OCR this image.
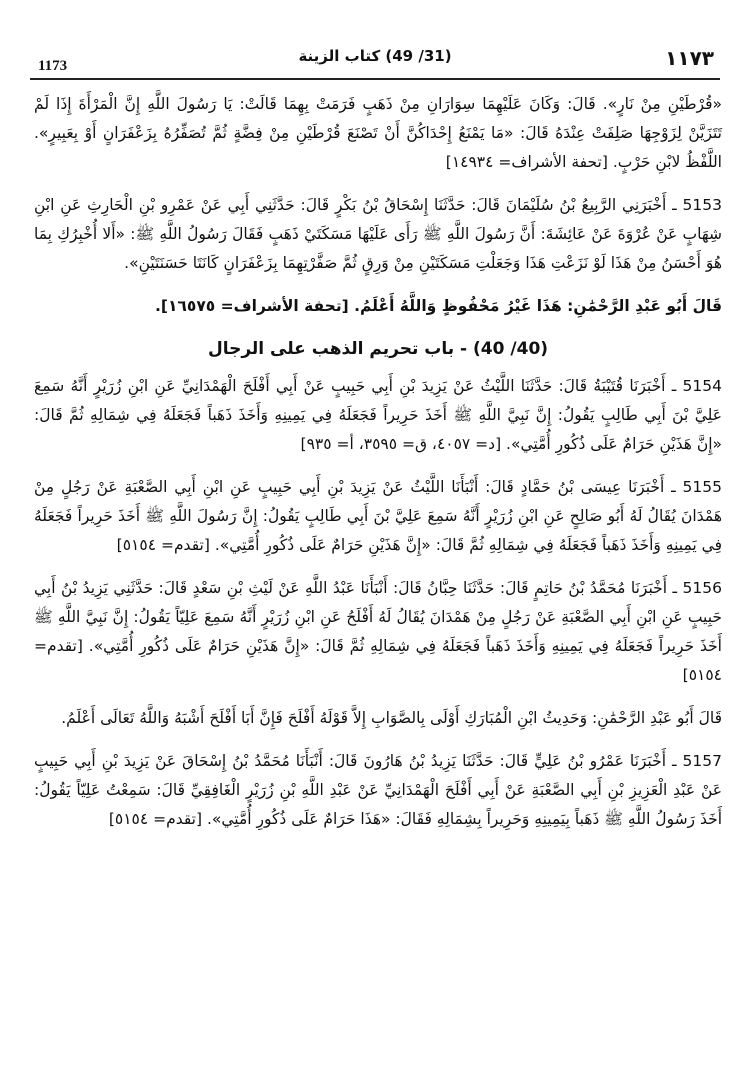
1173
(31/ 49) كتاب الزينة	١١٧٣

«قُرْطَيْنِ مِنْ نَارٍ». قَالَ: وَكَانَ عَلَيْهِمَا سِوَارَانِ مِنْ ذَهَبٍ فَرَمَتْ بِهِمَا قَالَتْ: يَا رَسُولَ اللَّهِ إِنَّ الْمَرْأَةَ إِذَا لَمْ تَتَزَيَّنْ لِزَوْجِهَا صَلِفَتْ عِنْدَهُ قَالَ: «مَا يَمْنَعُ إِحْدَاكُنَّ أَنْ تَصْنَعَ قُرْطَيْنِ مِنْ فِضَّةٍ ثُمَّ تُصَفِّرُهُ بِزَعْفَرَانٍ أَوْ بِعَبِيرٍ». اللَّفْظُ لابْنِ حَرْبٍ. [تحفة الأشراف= ١٤٩٣٤]

5153 ـ أَخْبَرَنِي الرَّبِيعُ بْنُ سُلَيْمَانَ قَالَ: حَدَّثَنَا إِسْحَاقُ بْنُ بَكْرٍ قَالَ: حَدَّثَنِي أَبِي عَنْ عَمْرِو بْنِ الْحَارِثِ عَنِ ابْنِ شِهَابٍ عَنْ عُرْوَةَ عَنْ عَائِشَةَ: أَنَّ رَسُولَ اللَّهِ ﷺ رَأَى عَلَيْهَا مَسَكَتَيْ ذَهَبٍ فَقَالَ رَسُولُ اللَّهِ ﷺ: «أَلا أُخْبِرُكِ بِمَا هُوَ أَحْسَنُ مِنْ هَذَا لَوْ نَزَعْتِ هَذَا وَجَعَلْتِ مَسَكَتَيْنِ مِنْ وَرِقٍ ثُمَّ صَفَّرْتِهِمَا بِزَعْفَرَانٍ كَانَتَا حَسَنَتَيْنِ».

قَالَ أَبُو عَبْدِ الرَّحْمَٰنِ: هَذَا غَيْرُ مَحْفُوظٍ وَاللَّهُ أَعْلَمُ. [تحفة الأشراف= ١٦٥٧٥].

(40/ 40) - باب تحريم الذهب على الرجال

5154 ـ أَخْبَرَنَا قُتَيْبَةُ قَالَ: حَدَّثَنَا اللَّيْثُ عَنْ يَزِيدَ بْنِ أَبِي حَبِيبٍ عَنْ أَبِي أَفْلَحَ الْهَمْدَانِيِّ عَنِ ابْنِ زُرَيْرٍ أَنَّهُ سَمِعَ عَلِيَّ بْنَ أَبِي طَالِبٍ يَقُولُ: إِنَّ نَبِيَّ اللَّهِ ﷺ أَخَذَ حَرِيراً فَجَعَلَهُ فِي يَمِينِهِ وَأَخَذَ ذَهَباً فَجَعَلَهُ فِي شِمَالِهِ ثُمَّ قَالَ: «إِنَّ هَذَيْنِ حَرَامٌ عَلَى ذُكُورِ أُمَّتِي». [د= ٤٠٥٧، ق= ٣٥٩٥، أ= ٩٣٥]

5155 ـ أَخْبَرَنَا عِيسَى بْنُ حَمَّادٍ قَالَ: أَنْبَأَنَا اللَّيْثُ عَنْ يَزِيدَ بْنِ أَبِي حَبِيبٍ عَنِ ابْنِ أَبِي الصَّعْبَةِ عَنْ رَجُلٍ مِنْ هَمْدَانَ يُقَالُ لَهُ أَبُو صَالِحٍ عَنِ ابْنِ زُرَيْرٍ أَنَّهُ سَمِعَ عَلِيَّ بْنَ أَبِي طَالِبٍ يَقُولُ: إِنَّ رَسُولَ اللَّهِ ﷺ أَخَذَ حَرِيراً فَجَعَلَهُ فِي يَمِينِهِ وَأَخَذَ ذَهَباً فَجَعَلَهُ فِي شِمَالِهِ ثُمَّ قَالَ: «إِنَّ هَذَيْنِ حَرَامٌ عَلَى ذُكُورِ أُمَّتِي». [تقدم= ٥١٥٤]

5156 ـ أَخْبَرَنَا مُحَمَّدُ بْنُ حَاتِمٍ قَالَ: حَدَّثَنَا حِبَّانُ قَالَ: أَنْبَأَنَا عَبْدُ اللَّهِ عَنْ لَيْثِ بْنِ سَعْدٍ قَالَ: حَدَّثَنِي يَزِيدُ بْنُ أَبِي حَبِيبٍ عَنِ ابْنِ أَبِي الصَّعْبَةِ عَنْ رَجُلٍ مِنْ هَمْدَانَ يُقَالُ لَهُ أَفْلَحُ عَنِ ابْنِ زُرَيْرٍ أَنَّهُ سَمِعَ عَلِيّاً يَقُولُ: إِنَّ نَبِيَّ اللَّهِ ﷺ أَخَذَ حَرِيراً فَجَعَلَهُ فِي يَمِينِهِ وَأَخَذَ ذَهَباً فَجَعَلَهُ فِي شِمَالِهِ ثُمَّ قَالَ: «إِنَّ هَذَيْنِ حَرَامٌ عَلَى ذُكُورِ أُمَّتِي». [تقدم= ٥١٥٤]

قَالَ أَبُو عَبْدِ الرَّحْمَٰنِ: وَحَدِيثُ ابْنِ الْمُبَارَكِ أَوْلَى بِالصَّوَابِ إِلاَّ قَوْلَهُ أَفْلَحَ فَإِنَّ أَبَا أَفْلَحَ أَشْبَهُ وَاللَّهُ تَعَالَى أَعْلَمُ.

5157 ـ أَخْبَرَنَا عَمْرُو بْنُ عَلِيٍّ قَالَ: حَدَّثَنَا يَزِيدُ بْنُ هَارُونَ قَالَ: أَنْبَأَنَا مُحَمَّدُ بْنُ إِسْحَاقَ عَنْ يَزِيدَ بْنِ أَبِي حَبِيبٍ عَنْ عَبْدِ الْعَزِيزِ بْنِ أَبِي الصَّعْبَةِ عَنْ أَبِي أَفْلَحَ الْهَمْدَانِيِّ عَنْ عَبْدِ اللَّهِ بْنِ زُرَيْرٍ الْغَافِقِيِّ قَالَ: سَمِعْتُ عَلِيّاً يَقُولُ: أَخَذَ رَسُولُ اللَّهِ ﷺ ذَهَباً بِيَمِينِهِ وَحَرِيراً بِشِمَالِهِ فَقَالَ: «هَذَا حَرَامٌ عَلَى ذُكُورِ أُمَّتِي». [تقدم= ٥١٥٤]
